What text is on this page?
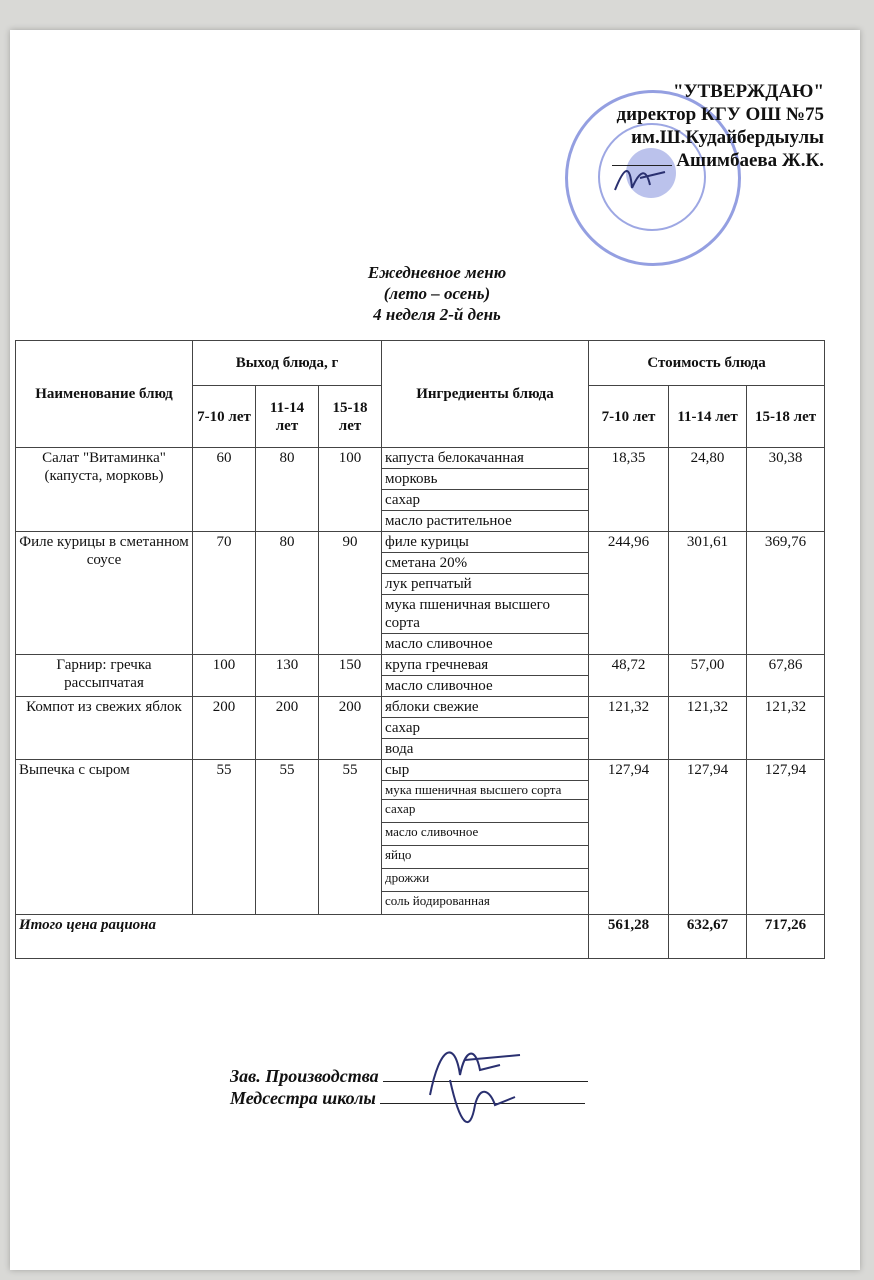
"УТВЕРЖДАЮ"
директор КГУ ОШ №75
им.Ш.Кудайбердыулы
Ашимбаева Ж.К.
Ежедневное меню
(лето – осень)
4 неделя 2-й день
Наименование блюд	Выход блюда, г			Ингредиенты блюда	Стоимость блюда		
	7-10 лет	11-14 лет	15-18 лет		7-10 лет	11-14 лет	15-18 лет
Салат "Витаминка" (капуста, морковь)	60	80	100	капуста белокачанная	18,35	24,80	30,38
				морковь			
				сахар			
				масло растительное			
Филе курицы в сметанном соусе	70	80	90	филе курицы	244,96	301,61	369,76
				сметана 20%			
				лук репчатый			
				мука пшеничная высшего сорта			
				масло сливочное			
Гарнир: гречка рассыпчатая	100	130	150	крупа гречневая	48,72	57,00	67,86
				масло сливочное			
Компот из свежих яблок	200	200	200	яблоки свежие	121,32	121,32	121,32
				сахар			
				вода			
Выпечка с сыром	55	55	55	сыр	127,94	127,94	127,94
				мука пшеничная высшего сорта			
				сахар			
				масло сливочное			
				яйцо			
				дрожжи			
				соль йодированная			
Итого цена рациона					561,28	632,67	717,26
Зав. Производства
Медсестра школы
